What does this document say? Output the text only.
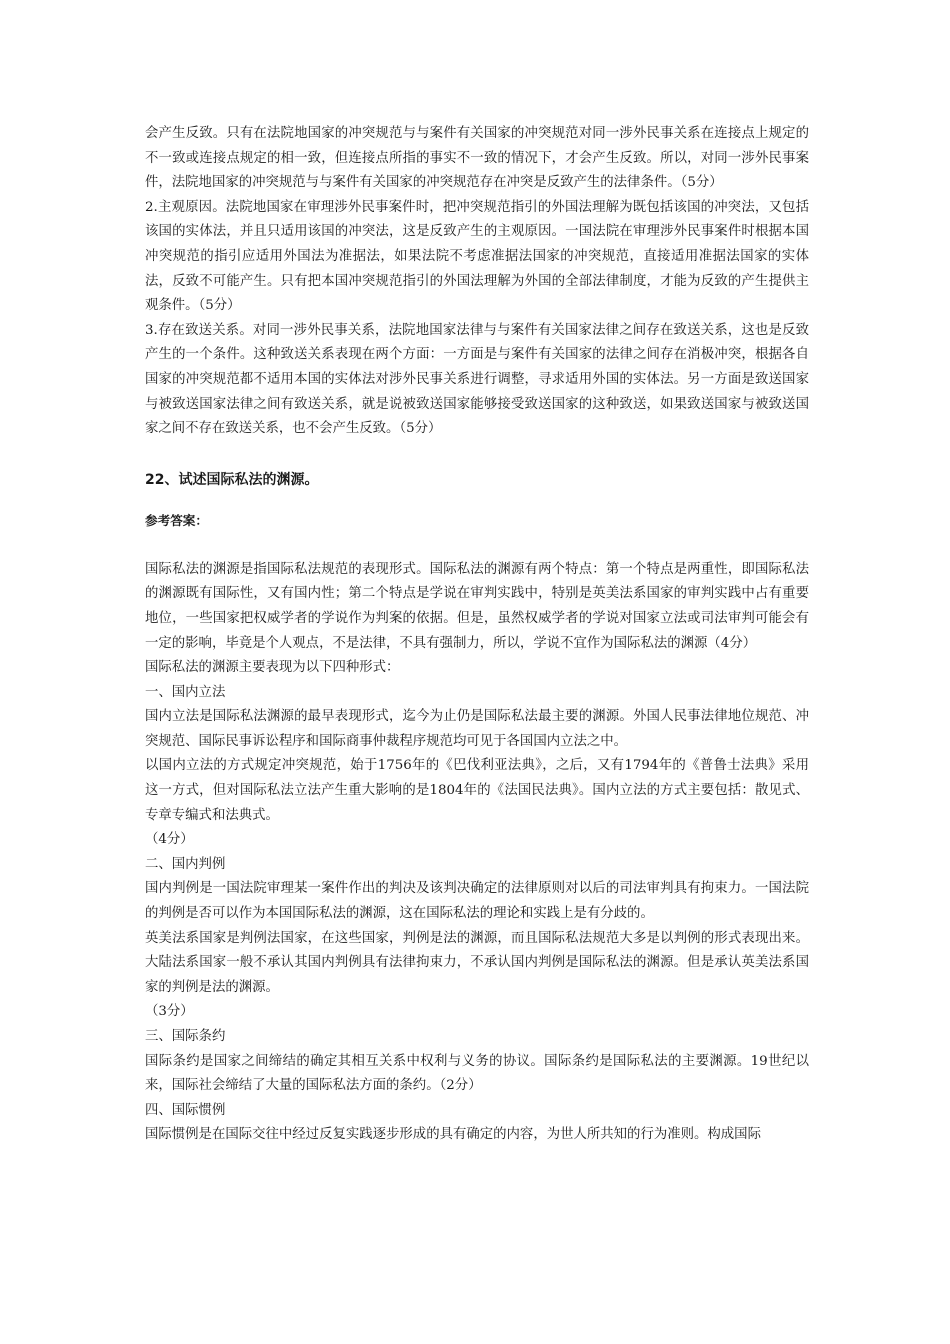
会产生反致。只有在法院地国家的冲突规范与与案件有关国家的冲突规范对同一涉外民事关系在连接点上规定的不一致或连接点规定的相一致，但连接点所指的事实不一致的情况下，才会产生反致。所以，对同一涉外民事案件，法院地国家的冲突规范与与案件有关国家的冲突规范存在冲突是反致产生的法律条件。（5分）

2.主观原因。法院地国家在审理涉外民事案件时，把冲突规范指引的外国法理解为既包括该国的冲突法，又包括该国的实体法，并且只适用该国的冲突法，这是反致产生的主观原因。一国法院在审理涉外民事案件时根据本国冲突规范的指引应适用外国法为准据法，如果法院不考虑准据法国家的冲突规范，直接适用准据法国家的实体法，反致不可能产生。只有把本国冲突规范指引的外国法理解为外国的全部法律制度，才能为反致的产生提供主观条件。（5分）

3.存在致送关系。对同一涉外民事关系，法院地国家法律与与案件有关国家法律之间存在致送关系，这也是反致产生的一个条件。这种致送关系表现在两个方面：一方面是与案件有关国家的法律之间存在消极冲突，根据各自国家的冲突规范都不适用本国的实体法对涉外民事关系进行调整，寻求适用外国的实体法。另一方面是致送国家与被致送国家法律之间有致送关系，就是说被致送国家能够接受致送国家的这种致送，如果致送国家与被致送国家之间不存在致送关系，也不会产生反致。（5分）

22、试述国际私法的渊源。
参考答案：

国际私法的渊源是指国际私法规范的表现形式。国际私法的渊源有两个特点：第一个特点是两重性，即国际私法的渊源既有国际性，又有国内性；第二个特点是学说在审判实践中，特别是英美法系国家的审判实践中占有重要地位，一些国家把权威学者的学说作为判案的依据。但是，虽然权威学者的学说对国家立法或司法审判可能会有一定的影响，毕竟是个人观点，不是法律，不具有强制力，所以，学说不宜作为国际私法的渊源（4分）

国际私法的渊源主要表现为以下四种形式：

一、国内立法

国内立法是国际私法渊源的最早表现形式，迄今为止仍是国际私法最主要的渊源。外国人民事法律地位规范、冲突规范、国际民事诉讼程序和国际商事仲裁程序规范均可见于各国国内立法之中。

以国内立法的方式规定冲突规范，始于1756年的《巴伐利亚法典》，之后，又有1794年的《普鲁士法典》采用这一方式，但对国际私法立法产生重大影响的是1804年的《法国民法典》。国内立法的方式主要包括：散见式、专章专编式和法典式。

（4分）

二、国内判例

国内判例是一国法院审理某一案件作出的判决及该判决确定的法律原则对以后的司法审判具有拘束力。一国法院的判例是否可以作为本国国际私法的渊源，这在国际私法的理论和实践上是有分歧的。

英美法系国家是判例法国家，在这些国家，判例是法的渊源，而且国际私法规范大多是以判例的形式表现出来。大陆法系国家一般不承认其国内判例具有法律拘束力，不承认国内判例是国际私法的渊源。但是承认英美法系国家的判例是法的渊源。

（3分）

三、国际条约

国际条约是国家之间缔结的确定其相互关系中权利与义务的协议。国际条约是国际私法的主要渊源。19世纪以来，国际社会缔结了大量的国际私法方面的条约。（2分）

四、国际惯例

国际惯例是在国际交往中经过反复实践逐步形成的具有确定的内容，为世人所共知的行为准则。构成国际
